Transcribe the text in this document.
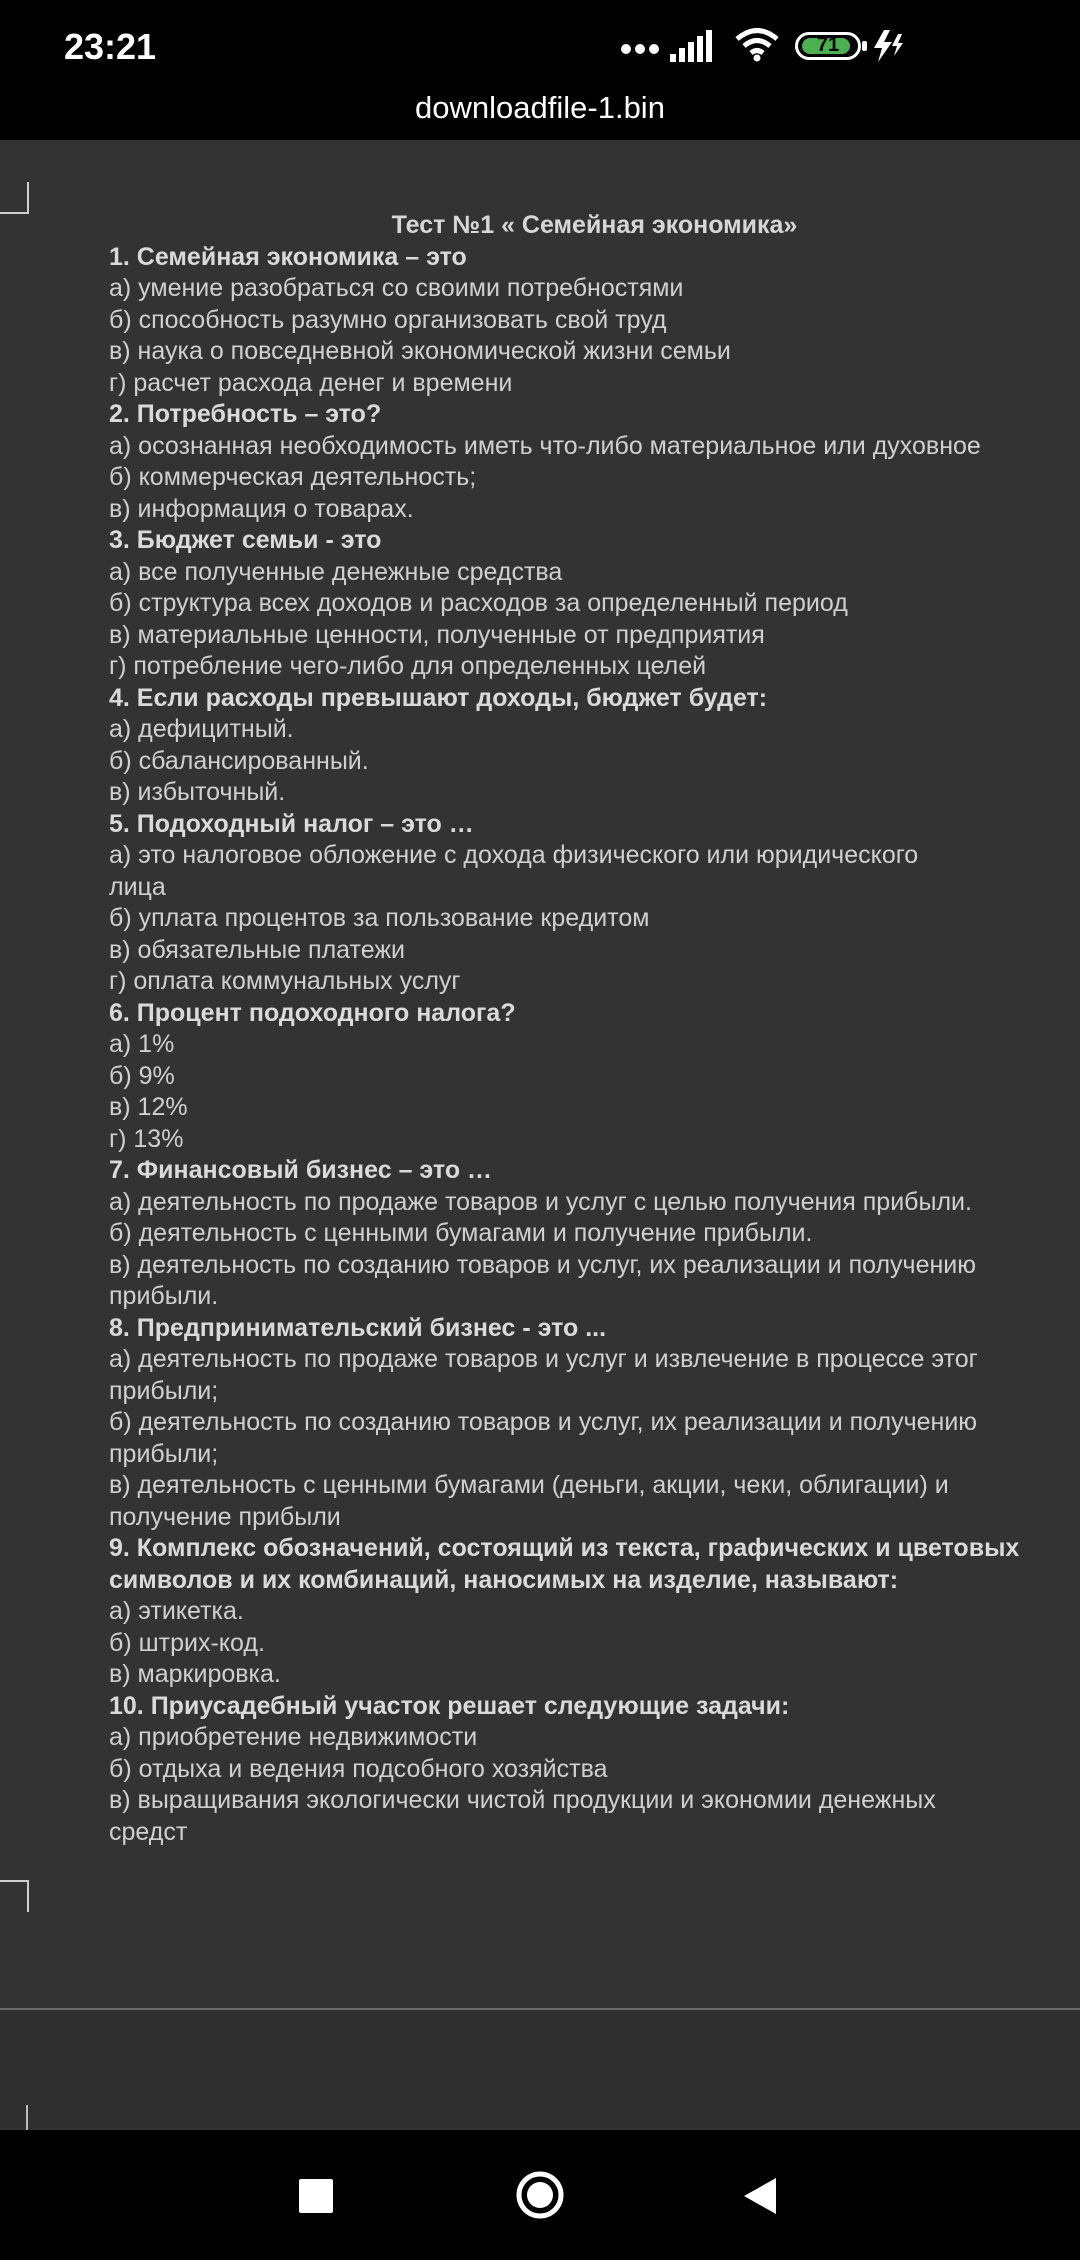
23:21	71
downloadfile-1.bin
Тест №1 « Семейная экономика»
1. Семейная экономика – это
а) умение разобраться со своими потребностями
б) способность разумно организовать свой труд
в) наука о повседневной экономической жизни семьи
г) расчет расхода денег и времени
2. Потребность – это?
а) осознанная необходимость иметь что-либо материальное или духовное
б) коммерческая деятельность;
в) информация о товарах.
3. Бюджет семьи - это
а) все полученные денежные средства
б) структура всех доходов и расходов за определенный период
в) материальные ценности, полученные от предприятия
г) потребление чего-либо для определенных целей
4. Если расходы превышают доходы, бюджет будет:
а) дефицитный.
б) сбалансированный.
в) избыточный.
5. Подоходный налог – это …
а) это налоговое обложение с дохода физического или юридического
лица
б) уплата процентов за пользование кредитом
в) обязательные платежи
г) оплата коммунальных услуг
6. Процент подоходного налога?
а) 1%
б) 9%
в) 12%
г) 13%
7. Финансовый бизнес – это …
а) деятельность по продаже товаров и услуг с целью получения прибыли.
б) деятельность с ценными бумагами и получение прибыли.
в) деятельность по созданию товаров и услуг, их реализации и получению
прибыли.
8. Предпринимательский бизнес - это ...
а) деятельность по продаже товаров и услуг и извлечение в процессе этог
прибыли;
б) деятельность по созданию товаров и услуг, их реализации и получению
прибыли;
в) деятельность с ценными бумагами (деньги, акции, чеки, облигации) и
получение прибыли
9. Комплекс обозначений, состоящий из текста, графических и цветовых
символов и их комбинаций, наносимых на изделие, называют:
а) этикетка.
б) штрих-код.
в) маркировка.
10. Приусадебный участок решает следующие задачи:
а) приобретение недвижимости
б) отдыха и ведения подсобного хозяйства
в) выращивания экологически чистой продукции и экономии денежных
средст
